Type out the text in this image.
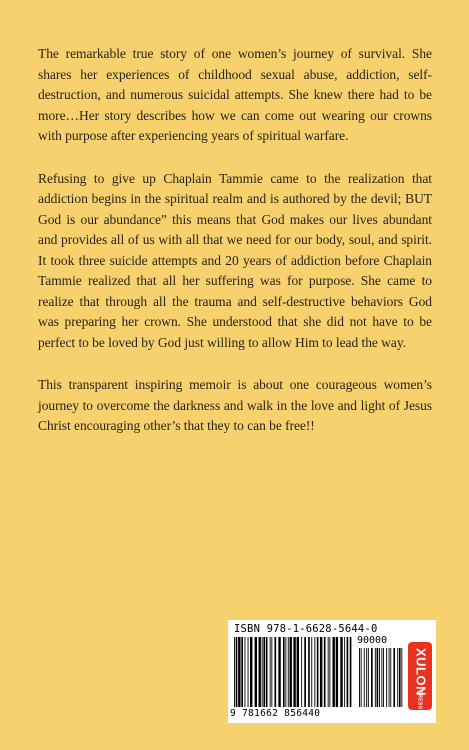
The remarkable true story of one women’s journey of survival. She shares her experiences of childhood sexual abuse, addiction, self-destruction, and numerous suicidal attempts. She knew there had to be more…Her story describes how we can come out wearing our crowns with purpose after experiencing years of spiritual warfare.

Refusing to give up Chaplain Tammie came to the realization that addiction begins in the spiritual realm and is authored by the devil; BUT God is our abundance” this means that God makes our lives abundant and provides all of us with all that we need for our body, soul, and spirit. It took three suicide attempts and 20 years of addiction before Chaplain Tammie realized that all her suffering was for purpose. She came to realize that through all the trauma and self-destructive behaviors God was preparing her crown. She understood that she did not have to be perfect to be loved by God just willing to allow Him to lead the way.

This transparent inspiring memoir is about one courageous women’s journey to overcome the darkness and walk in the love and light of Jesus Christ encouraging other’s that they to can be free!!

ISBN 978-1-6628-5644-0
90000
9 781662 856440
XULON
PRESS
